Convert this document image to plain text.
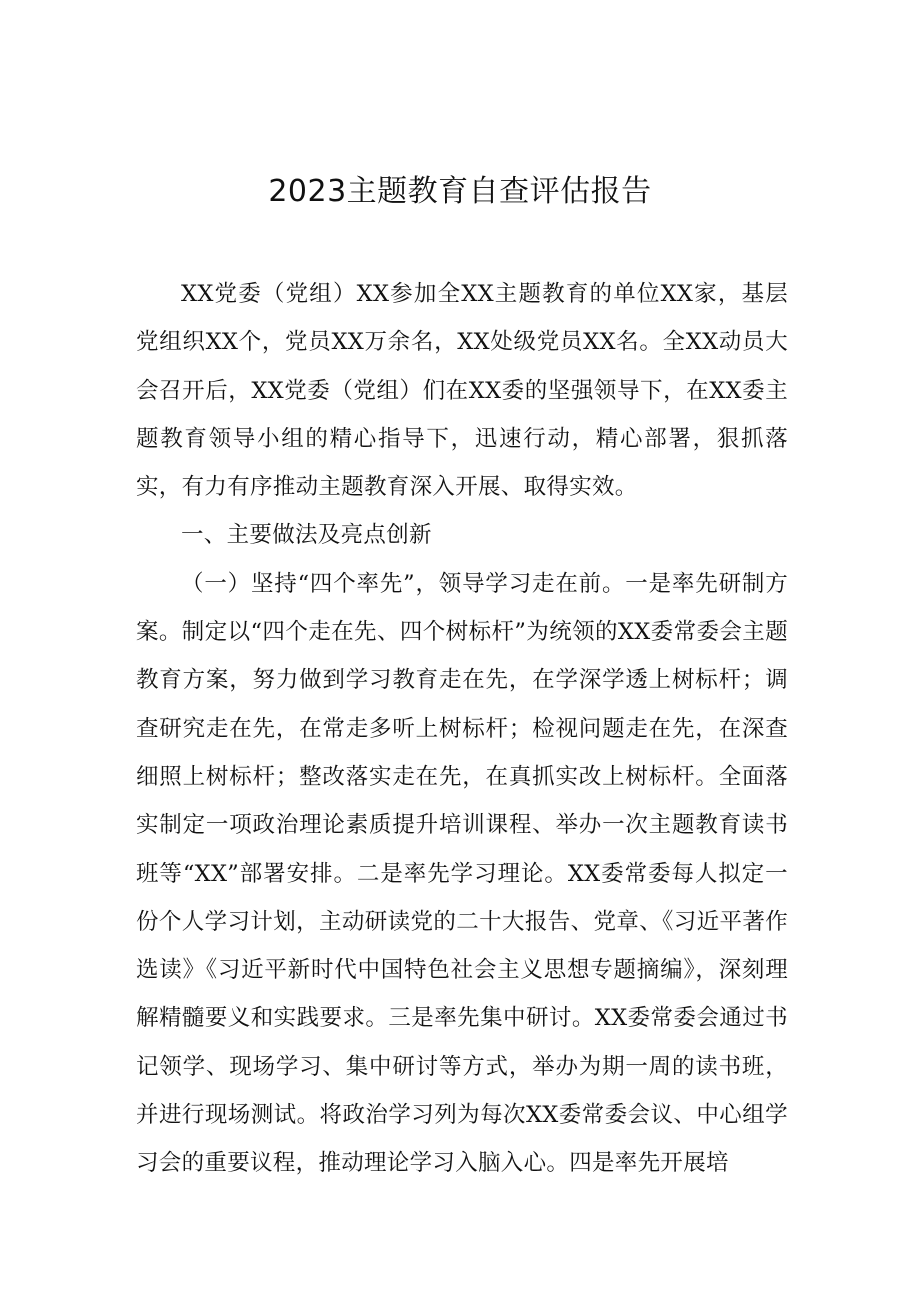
2023主题教育自查评估报告

XX党委（党组）XX参加全XX主题教育的单位XX家，基层党组织XX个，党员XX万余名，XX处级党员XX名。全XX动员大会召开后，XX党委（党组）们在XX委的坚强领导下，在XX委主题教育领导小组的精心指导下，迅速行动，精心部署，狠抓落实，有力有序推动主题教育深入开展、取得实效。

一、主要做法及亮点创新

（一）坚持“四个率先”，领导学习走在前。一是率先研制方案。制定以“四个走在先、四个树标杆”为统领的XX委常委会主题教育方案，努力做到学习教育走在先，在学深学透上树标杆；调查研究走在先，在常走多听上树标杆；检视问题走在先，在深查细照上树标杆；整改落实走在先，在真抓实改上树标杆。全面落实制定一项政治理论素质提升培训课程、举办一次主题教育读书班等“XX”部署安排。二是率先学习理论。XX委常委每人拟定一份个人学习计划，主动研读党的二十大报告、党章、《习近平著作选读》《习近平新时代中国特色社会主义思想专题摘编》，深刻理解精髓要义和实践要求。三是率先集中研讨。XX委常委会通过书记领学、现场学习、集中研讨等方式，举办为期一周的读书班，并进行现场测试。将政治学习列为每次XX委常委会议、中心组学习会的重要议程，推动理论学习入脑入心。四是率先开展培
